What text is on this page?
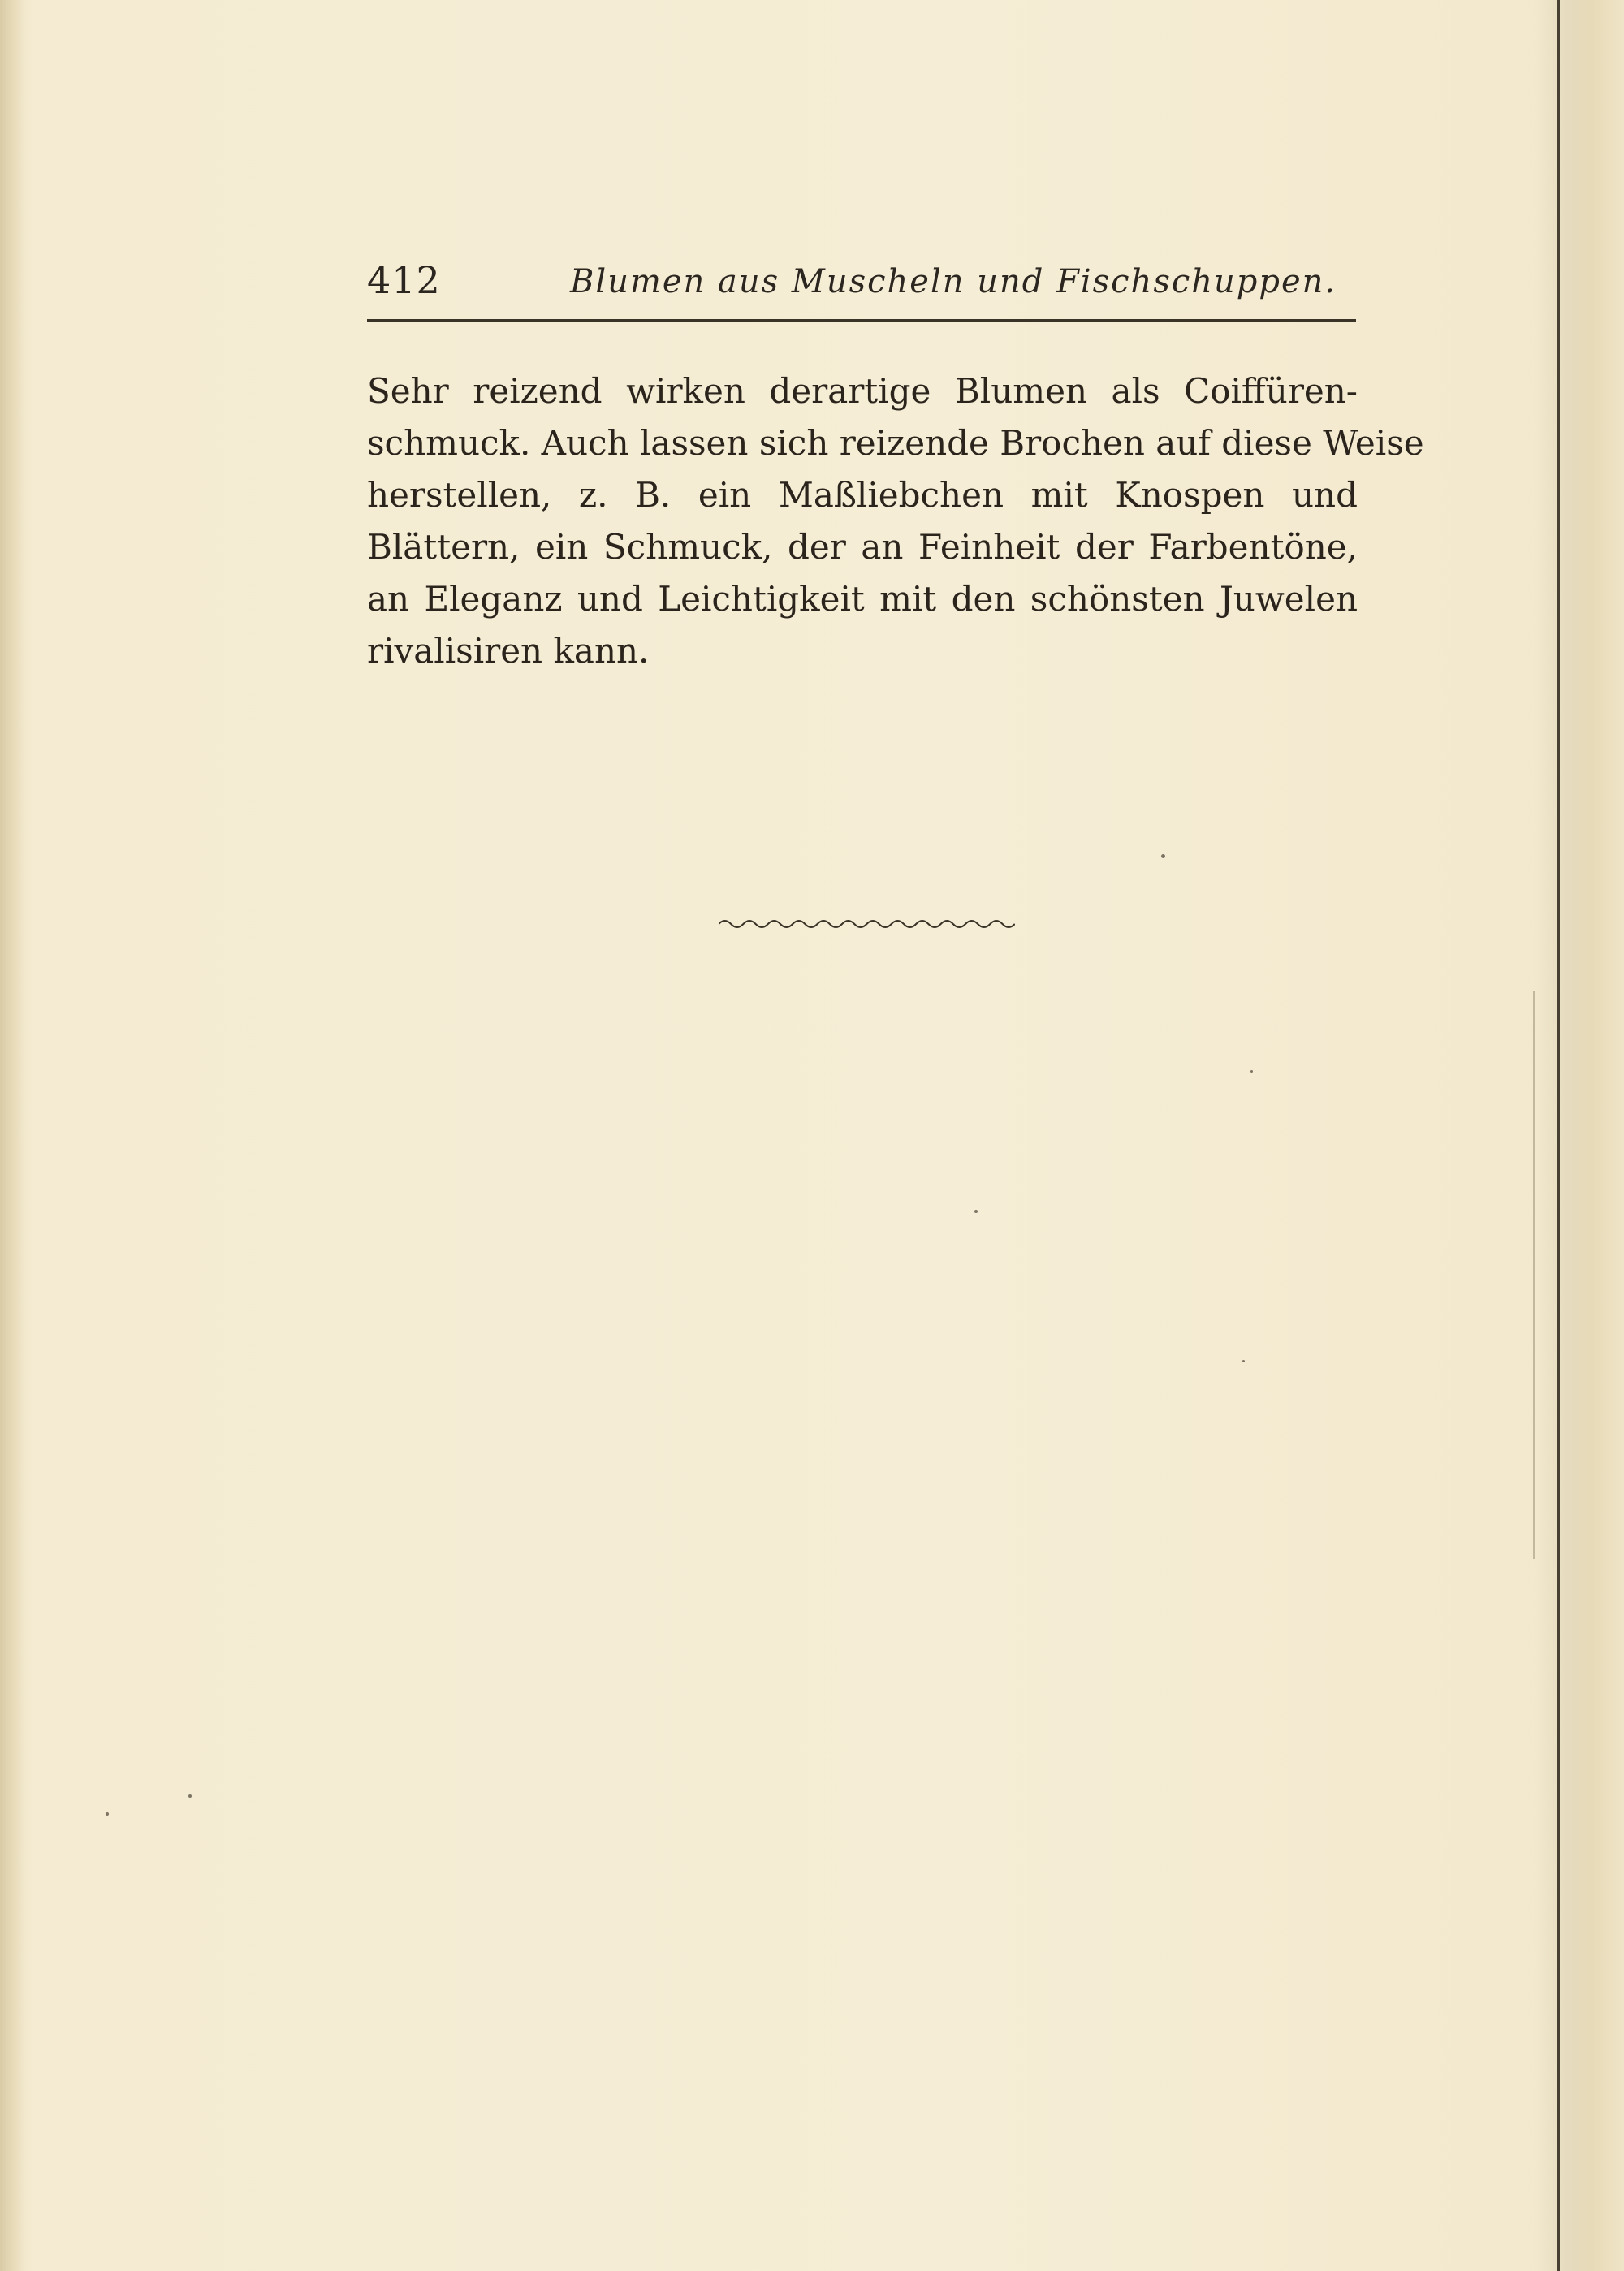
412	Blumen aus Muscheln und Fischschuppen.
Sehr reizend wirken derartige Blumen als Coiffüren-
schmuck. Auch lassen sich reizende Brochen auf diese Weise
herstellen, z. B. ein Maßliebchen mit Knospen und
Blättern, ein Schmuck, der an Feinheit der Farbentöne,
an Eleganz und Leichtigkeit mit den schönsten Juwelen
rivalisiren kann.
